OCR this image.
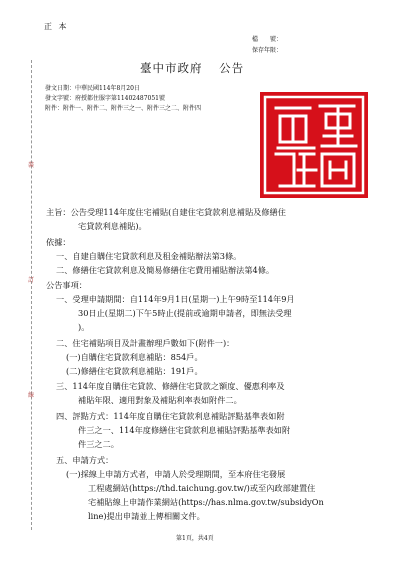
正 本
檔　　號：
保存年限：
臺中市政府 公告
發文日期：中華民國114年8月20日
發文字號：府授都住服字第11402487051號
附件：附件一、附件二、附件三之一、附件三之二、附件四
裝
訂
線
主旨：公告受理114年度住宅補貼(自建住宅貸款利息補貼及修繕住
宅貸款利息補貼)。
依據：
一、自建自購住宅貸款利息及租金補貼辦法第3條。
二、修繕住宅貸款利息及簡易修繕住宅費用補貼辦法第4條。
公告事項：
一、受理申請期間：自114年9月1日(星期一)上午9時至114年9月
30日止(星期二)下午5時止(提前或逾期申請者，即無法受理
)。
二、住宅補貼項目及計畫辦理戶數如下(附件一)：
(一)自購住宅貸款利息補貼：854戶。
(二)修繕住宅貸款利息補貼：191戶。
三、114年度自購住宅貸款、修繕住宅貸款之額度、優惠利率及
補貼年限、適用對象及補貼利率表如附件二。
四、評點方式：114年度自購住宅貸款利息補貼評點基準表如附
件三之一、114年度修繕住宅貸款利息補貼評點基準表如附
件三之二。
五、申請方式：
(一)採線上申請方式者，申請人於受理期間，至本府住宅發展
工程處網站(https://thd.taichung.gov.tw/)或至內政部建置住
宅補貼線上申請作業網站(https://has.nlma.gov.tw/subsidyOn
line)提出申請並上傳相關文件。
第1頁，共4頁
